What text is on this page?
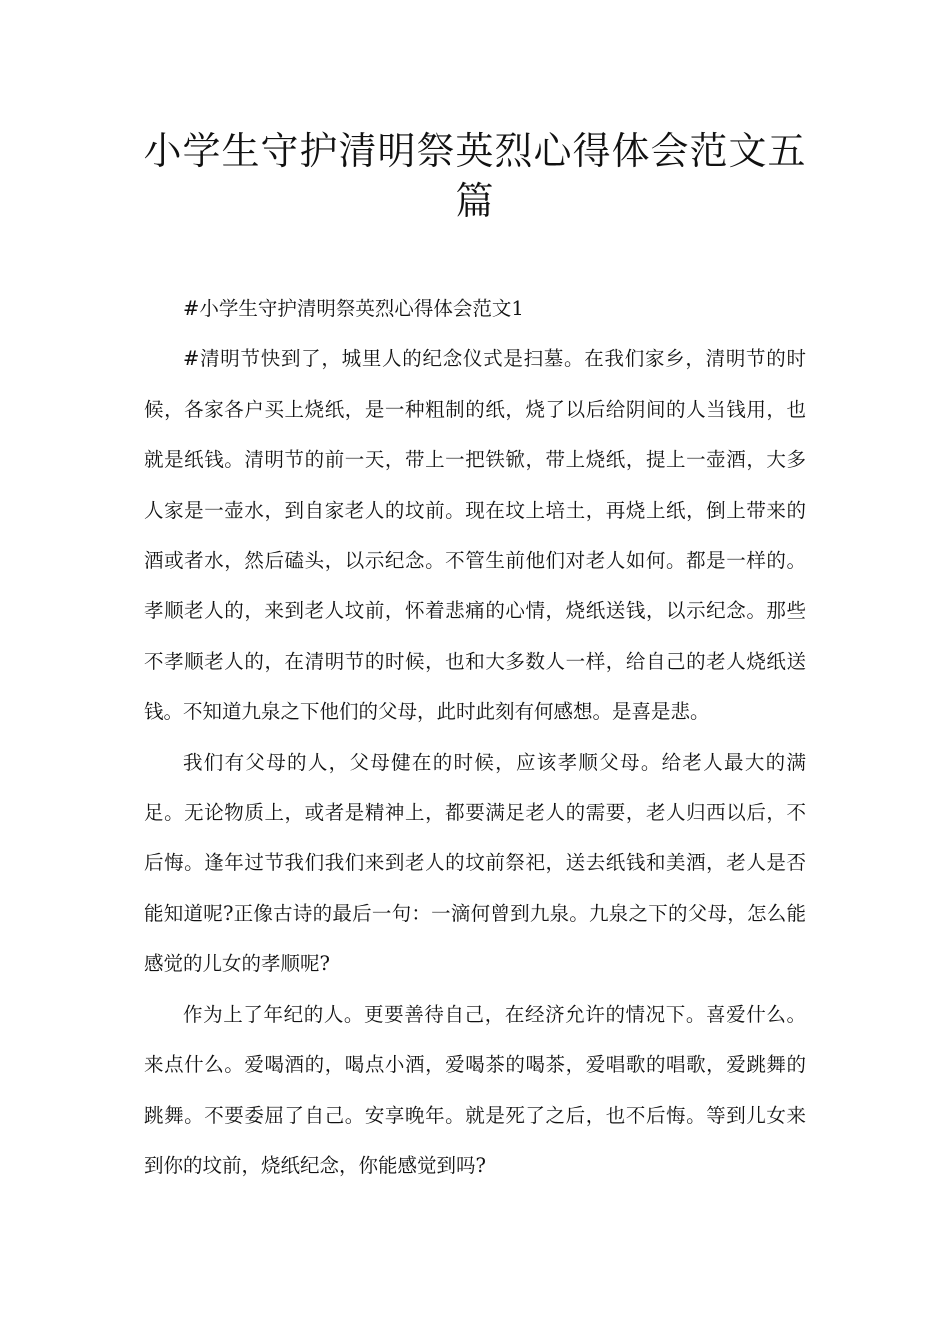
小学生守护清明祭英烈心得体会范文五
篇

#小学生守护清明祭英烈心得体会范文1

#清明节快到了，城里人的纪念仪式是扫墓。在我们家乡，清明节的时候，各家各户买上烧纸，是一种粗制的纸，烧了以后给阴间的人当钱用，也就是纸钱。清明节的前一天，带上一把铁锨，带上烧纸，提上一壶酒，大多人家是一壶水，到自家老人的坟前。现在坟上培土，再烧上纸，倒上带来的酒或者水，然后磕头，以示纪念。不管生前他们对老人如何。都是一样的。孝顺老人的，来到老人坟前，怀着悲痛的心情，烧纸送钱，以示纪念。那些不孝顺老人的，在清明节的时候，也和大多数人一样，给自己的老人烧纸送钱。不知道九泉之下他们的父母，此时此刻有何感想。是喜是悲。

我们有父母的人，父母健在的时候，应该孝顺父母。给老人最大的满足。无论物质上，或者是精神上，都要满足老人的需要，老人归西以后，不后悔。逢年过节我们我们来到老人的坟前祭祀，送去纸钱和美酒，老人是否能知道呢?正像古诗的最后一句：一滴何曾到九泉。九泉之下的父母，怎么能感觉的儿女的孝顺呢?

作为上了年纪的人。更要善待自己，在经济允许的情况下。喜爱什么。来点什么。爱喝酒的，喝点小酒，爱喝茶的喝茶，爱唱歌的唱歌，爱跳舞的跳舞。不要委屈了自己。安享晚年。就是死了之后，也不后悔。等到儿女来到你的坟前，烧纸纪念，你能感觉到吗?
